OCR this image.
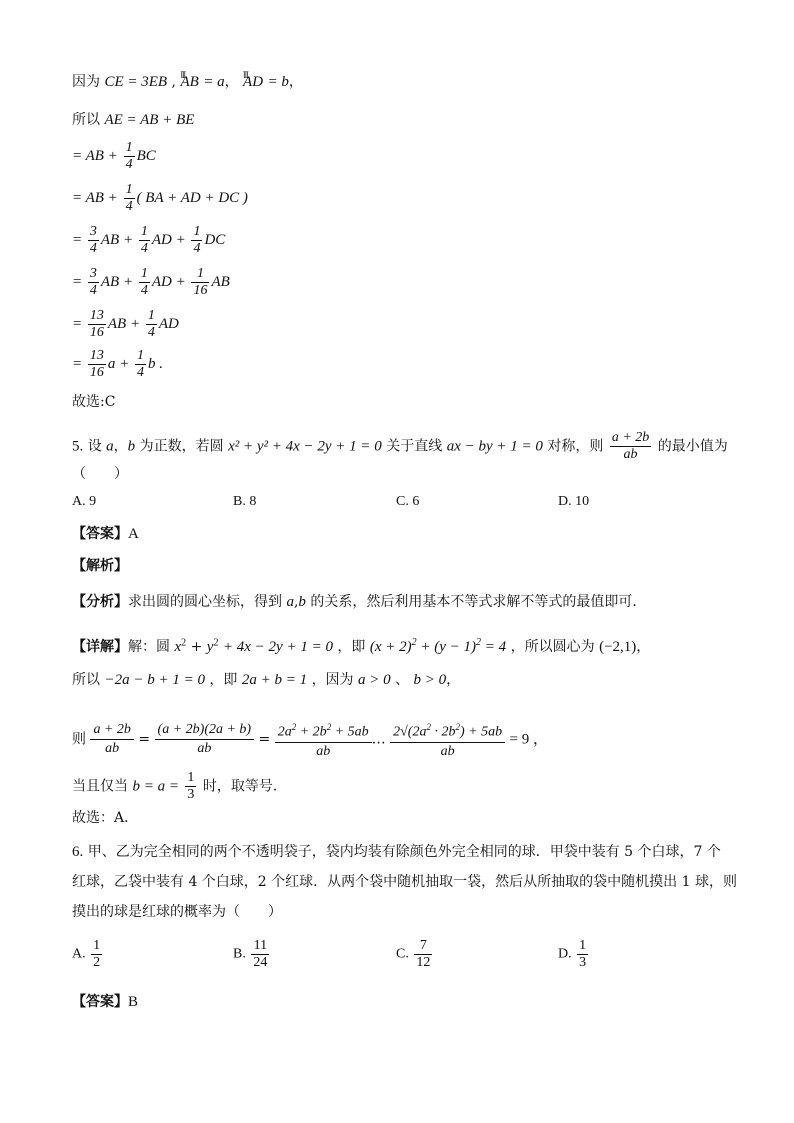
因为 CE = 3EB , ꞁꞁꞁ AB = a， ꞁꞁꞁ AD = b，
所以 AE = AB + BE
= AB + $\frac{1}{4}$ BC
= AB + $\frac{1}{4}$ ( BA + AD + DC )
= $\frac{3}{4}$ AB + $\frac{1}{4}$ AD + $\frac{1}{4}$ DC
= $\frac{3}{4}$ AB + $\frac{1}{4}$ AD + $\frac{1}{16}$ AB
= $\frac{13}{16}$ AB + $\frac{1}{4}$ AD
= $\frac{13}{16}$ $a + \frac{1}{4}$ b .
故选:C
5. 设 a，b 为正数，若圆 x² + y² + 4x − 2y + 1 = 0 关于直线 ax − by + 1 = 0 对称，则 $\frac{a + 2b}{ab}$ 的最小值为
（　　）
A. 9	B. 8	C. 6	D. 10
【答案】A
【解析】
【分析】求出圆的圆心坐标，得到 a,b 的关系，然后利用基本不等式求解不等式的最值即可．
【详解】解：圆 $x^2 + y^2 + 4x - 2y + 1 = 0$ ，即 $(x + 2)^2 + (y - 1)^2 = 4$ ，所以圆心为 (−2,1)，
所以 −2a − b + 1 = 0 ，即 2a + b = 1 ，因为 a > 0 、 b > 0，
则 $\frac{a + 2b}{ab} = \frac{(a + 2b)(2a + b)}{ab} = \frac{2a^2 + 2b^2 + 5ab}{ab}$ … $\frac{2√(2a^2 \cdot 2b^2) + 5ab}{ab} = 9$ ，
当且仅当 $b = a = \frac{1}{3}$ 时，取等号．
故选：A．
6. 甲、乙为完全相同的两个不透明袋子，袋内均装有除颜色外完全相同的球．甲袋中装有 5 个白球，7 个
红球，乙袋中装有 4 个白球，2 个红球．从两个袋中随机抽取一袋，然后从所抽取的袋中随机摸出 1 球，则
摸出的球是红球的概率为（　　）
A. $\frac{1}{2}$	B. $\frac{11}{24}$	C. $\frac{7}{12}$	D. $\frac{1}{3}$
【答案】B
